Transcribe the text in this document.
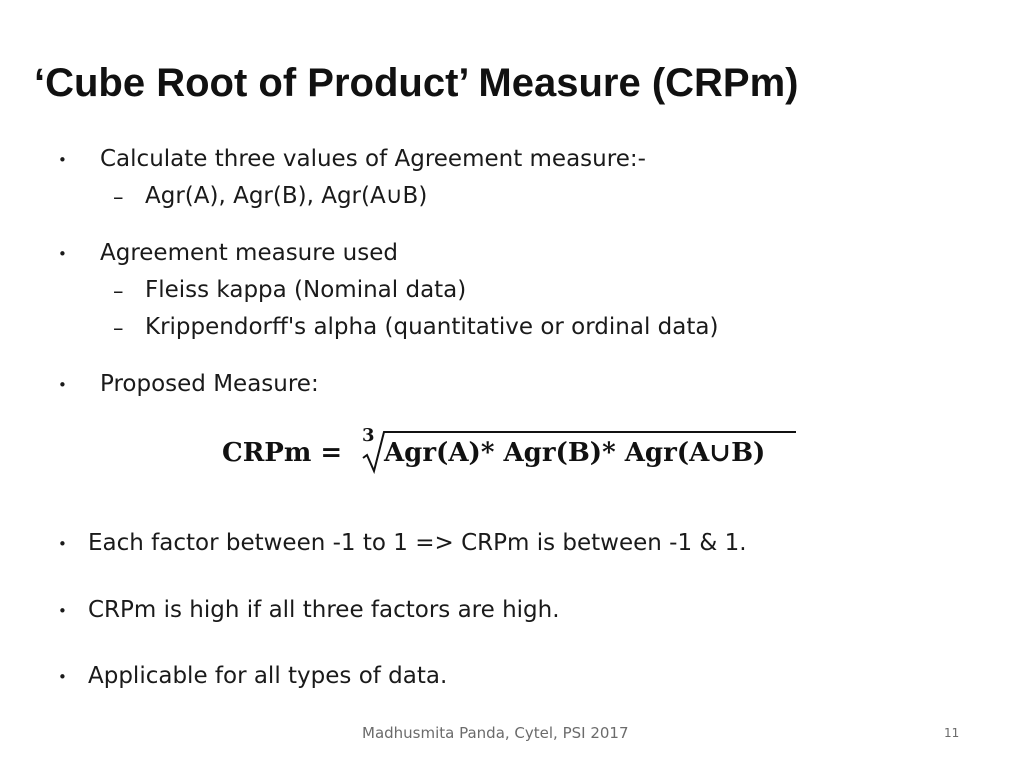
‘Cube Root of Product’ Measure (CRPm)
• Calculate three values of Agreement measure:-
– Agr(A), Agr(B), Agr(A∪B)
• Agreement measure used
– Fleiss kappa (Nominal data)
– Krippendorff's alpha (quantitative or ordinal data)
• Proposed Measure:
CRPm =
3
Agr(A)* Agr(B)* Agr(A∪B)
• Each factor between -1 to 1 => CRPm is between -1 & 1.
• CRPm is high if all three factors are high.
• Applicable for all types of data.
Madhusmita Panda, Cytel, PSI 2017	11
